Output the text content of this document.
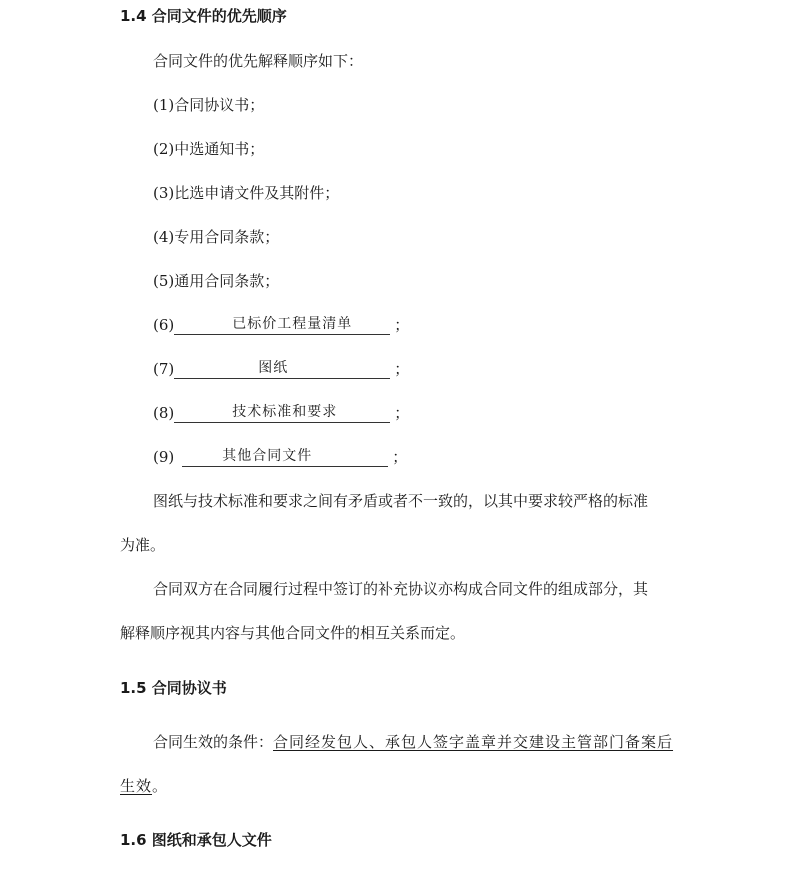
1.4 合同文件的优先顺序
合同文件的优先解释顺序如下：
(1)合同协议书；
(2)中选通知书；
(3)比选申请文件及其附件；
(4)专用合同条款；
(5)通用合同条款；
(6)	已标价工程量清单	；
(7)	图纸	；
(8)	技术标准和要求	；
(9)	其他合同文件	；
图纸与技术标准和要求之间有矛盾或者不一致的，以其中要求较严格的标准
为准。
合同双方在合同履行过程中签订的补充协议亦构成合同文件的组成部分，其
解释顺序视其内容与其他合同文件的相互关系而定。
1.5 合同协议书
合同生效的条件：合同经发包人、承包人签字盖章并交建设主管部门备案后
生效。
1.6 图纸和承包人文件
